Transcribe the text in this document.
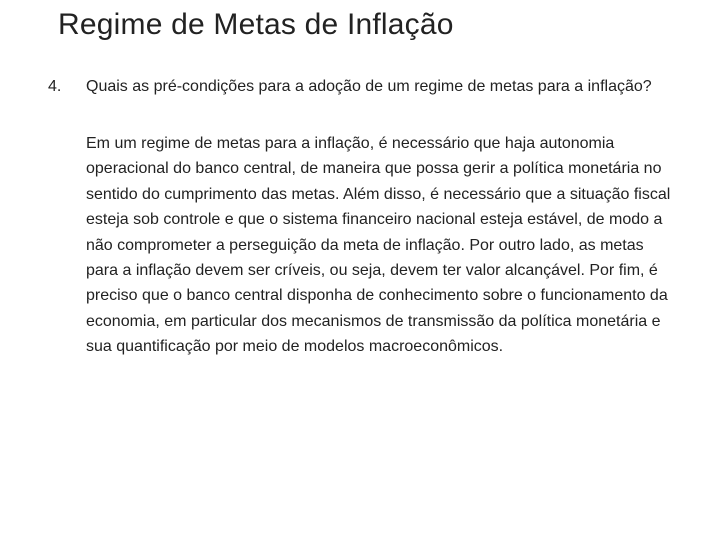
Regime de Metas de Inflação
4. Quais as pré-condições para a adoção de um regime de metas para a inflação?
Em um regime de metas para a inflação, é necessário que haja autonomia operacional do banco central, de maneira que possa gerir a política monetária no sentido do cumprimento das metas. Além disso, é necessário que a situação fiscal esteja sob controle e que o sistema financeiro nacional esteja estável, de modo a não comprometer a perseguição da meta de inflação. Por outro lado, as metas para a inflação devem ser críveis, ou seja, devem ter valor alcançável. Por fim, é preciso que o banco central disponha de conhecimento sobre o funcionamento da economia, em particular dos mecanismos de transmissão da política monetária e sua quantificação por meio de modelos macroeconômicos.
